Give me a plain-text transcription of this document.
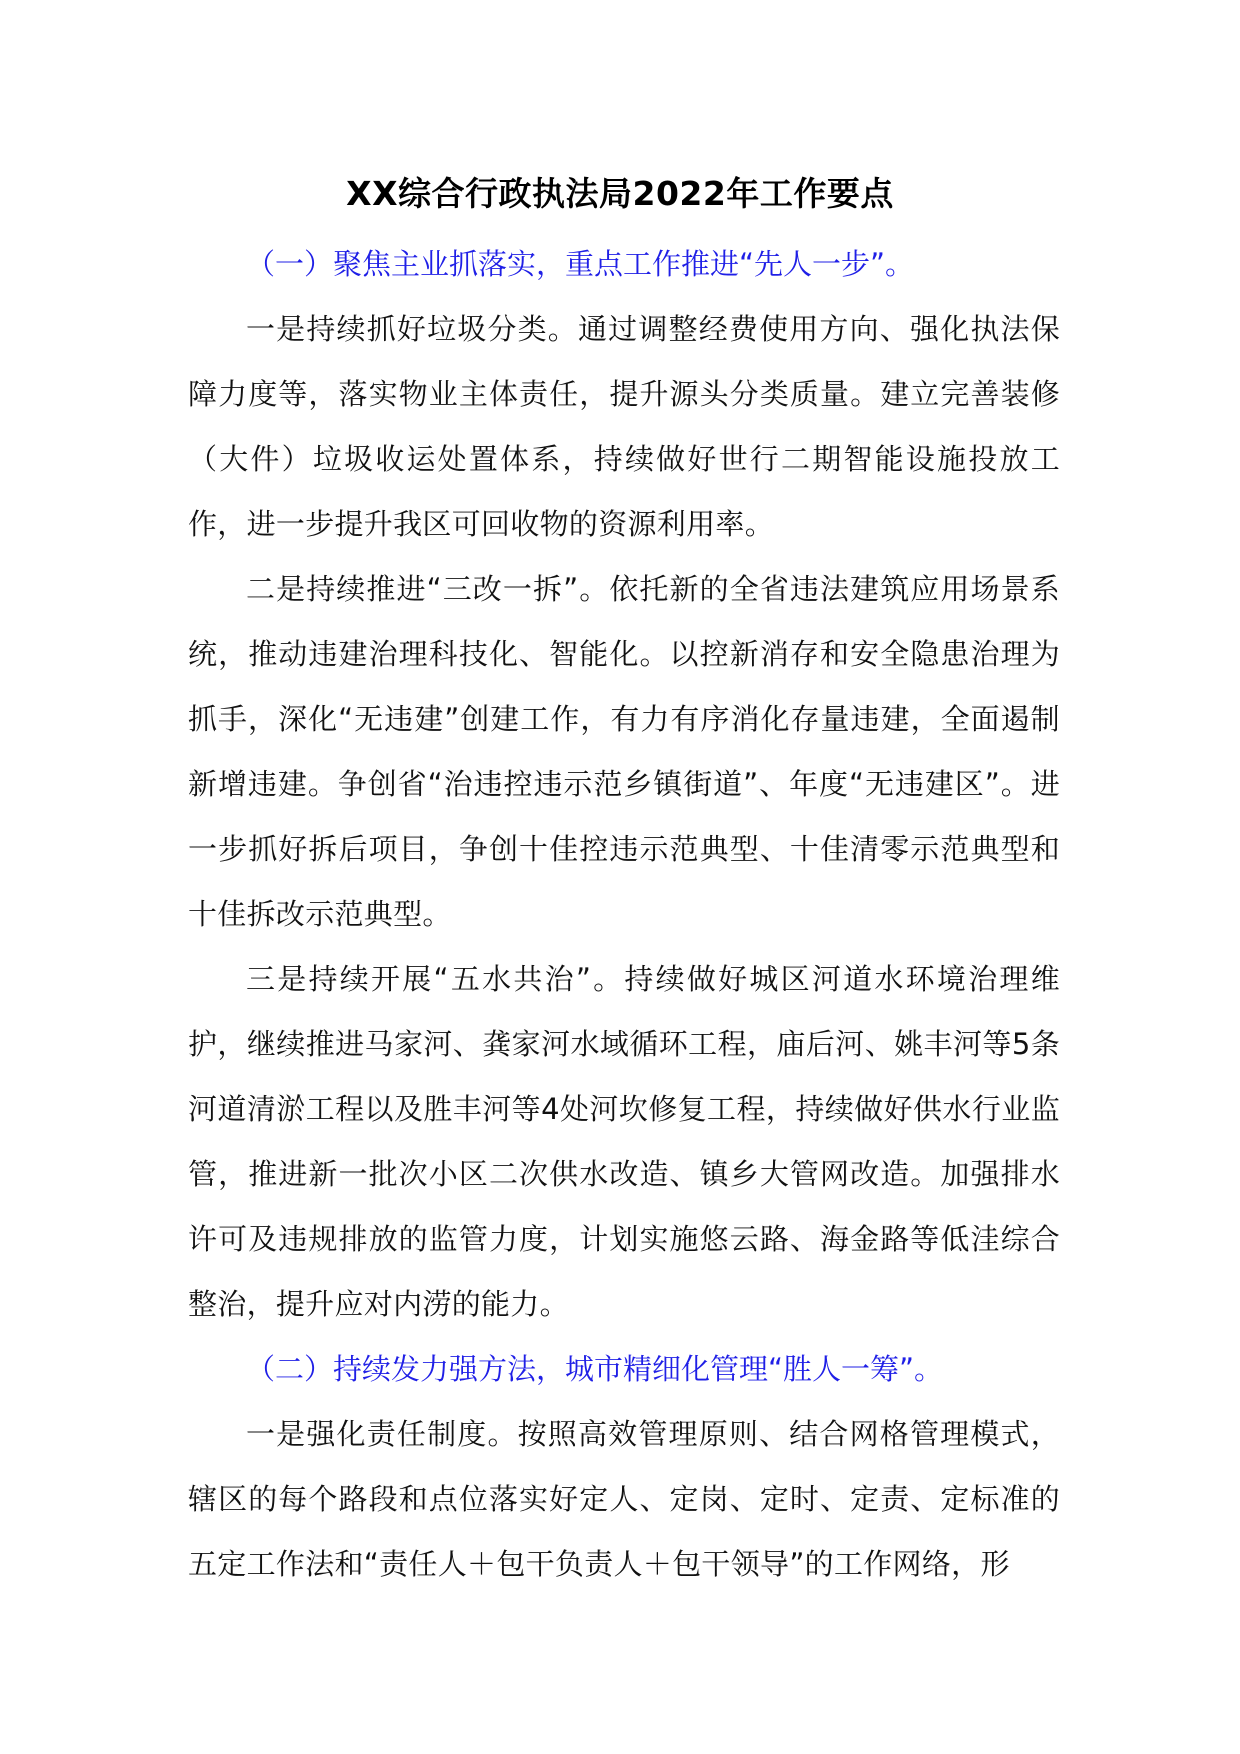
XX综合行政执法局2022年工作要点

（一）聚焦主业抓落实，重点工作推进“先人一步”。

一是持续抓好垃圾分类。通过调整经费使用方向、强化执法保障力度等，落实物业主体责任，提升源头分类质量。建立完善装修（大件）垃圾收运处置体系，持续做好世行二期智能设施投放工作，进一步提升我区可回收物的资源利用率。

二是持续推进“三改一拆”。依托新的全省违法建筑应用场景系统，推动违建治理科技化、智能化。以控新消存和安全隐患治理为抓手，深化“无违建”创建工作，有力有序消化存量违建，全面遏制新增违建。争创省“治违控违示范乡镇街道”、年度“无违建区”。进一步抓好拆后项目，争创十佳控违示范典型、十佳清零示范典型和十佳拆改示范典型。

三是持续开展“五水共治”。持续做好城区河道水环境治理维护，继续推进马家河、龚家河水域循环工程，庙后河、姚丰河等5条河道清淤工程以及胜丰河等4处河坎修复工程，持续做好供水行业监管，推进新一批次小区二次供水改造、镇乡大管网改造。加强排水许可及违规排放的监管力度，计划实施悠云路、海金路等低洼综合整治，提升应对内涝的能力。

（二）持续发力强方法，城市精细化管理“胜人一筹”。

一是强化责任制度。按照高效管理原则、结合网格管理模式，辖区的每个路段和点位落实好定人、定岗、定时、定责、定标准的五定工作法和“责任人＋包干负责人＋包干领导”的工作网络，形
